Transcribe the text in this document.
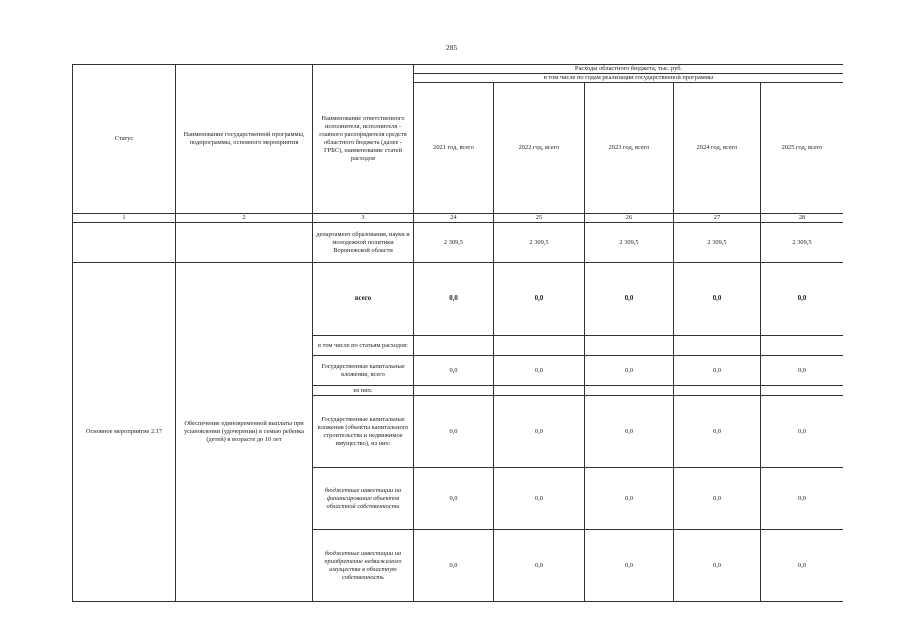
285
Статус	Наименование государственной программы, подпрограммы, основного мероприятия	Наименование ответственного исполнителя, исполнителя - главного распорядителя средств областного бюджета (далее - ГРБС), наименование статей расходов	Расходы областного бюджета, тыс. руб.				
			в том числе по годам реализации государственной программы				
			2021 год, всего	2022 год, всего	2023 год, всего	2024 год, всего	2025 год, всего
1	2	3	24	25	26	27	28
		департамент образования, науки и молодежной политики Воронежской области	2 309,5	2 309,5	2 309,5	2 309,5	2 309,5
Основное мероприятие 2.17	Обеспечение единовременной выплаты при усыновлении (удочерении) в семью ребенка (детей) в возрасте до 10 лет	всего	0,0	0,0	0,0	0,0	0,0
		в том числе по статьям расходов:					
		Государственные капитальные вложения, всего	0,0	0,0	0,0	0,0	0,0
		из них:					
		Государственные капитальные вложения (объекты капитального строительства и недвижимое имущество), из них:	0,0	0,0	0,0	0,0	0,0
		бюджетные инвестиции на финансирование объектов областной собственности	0,0	0,0	0,0	0,0	0,0
		бюджетные инвестиции на приобретение недвижимого имущества в областную собственность	0,0	0,0	0,0	0,0	0,0
